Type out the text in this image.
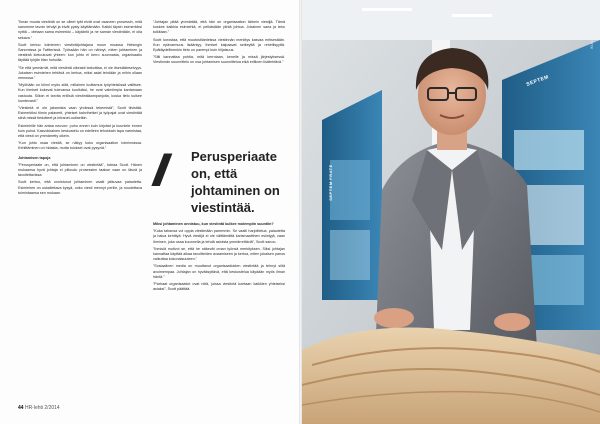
"Ilman muuta viestintä on se olleet tyät eivät ovat osaneen prosessin, mitä sanomme tavoin tehdyt ja eivät pysty käyttämään. Kaikki täysin esimerkiksi nyttiä – otetaan sama esimerkki – käytäntö ja ne saman viestintään, ei olla sekava."

Scott kertoo toimineen viestintäjohtajana muun muassa Helsingin Sanomissa ja Twitterissä. Työssään hän on nähnyt, miten johtaminen ja viestintä kietoutuvat yhteen: kun johto ei kerro suunnasta, organisaatio täyttää tyhjän tilan huhuilla.

"Se että ymmärrät, mitä viestintä oikeasti tarkoittaa, ei ole itsestäänselvyys. Jokaisen esimiehen tehtävä on kertoa, miksi asiat tehdään ja mihin ollaan menossa."

"Myöhään on kiinni myös siitä, millainen luottamus työyhteisössä vallitsee. Kun ihmiset kokevat tulevansa kuulluiksi, he ovat valmiimpia kantamaan vastuuta. Silloin ei tarvita erillisiä viestintäkampanjoita, koska tieto kulkee luontevasti."

"Viestintä ei ole jakamista vaan yhdessä tekemistä", Scott tiivistää. Esimerkiksi tiimin palaverit, yhteiset kahvihetket ja työpajat ovat viestintää siinä missä tiedotteet ja intranet-uutisetkin.

Esimiehille hän antaa neuvon: puhu ennen kuin kirjoitat ja kuuntele ennen kuin puhut. Kasvokkainen keskustelu on edelleen tehokkain tapa varmistaa, että viesti on ymmärretty oikein.

"Kun johto osaa viestiä, se näkyy koko organisaation toiminnassa. Kehittäminen on hidasta, mutta tulokset ovat pysyviä."

Johtamisen tapoja

"Perusperiaate on, että johtaminen on viestintää", toteaa Scott. Hänen mukaansa hyvä johtaja ei piiloudu prosessien taakse vaan on läsnä ja tavoitettavissa.

Scott kertoo, että onnistunut johtaminen vaatii jatkuvaa palautetta. Esimiehen on uskallettava kysyä, onko viesti mennyt perille, ja muutettava toimintaansa sen mukaan.

"Johtajan pitää ymmärtää, että hän on organisaation tärkein viestijä. Tämä koskee kaikkia esimiehiä, ei pelkästään ylintä johtoa. Jokainen sana ja teko tulkitaan."

Scott korostaa, että muutostilanteissa viestinnän merkitys kasvaa entisestään. Kun epävarmuus lisääntyy, ihmiset kaipaavat selkeyttä ja rehellisyyttä. Epätäydellinenkin tieto on parempi kuin hiljaisuus.

"Silti kannattaa pohtia, mitä kerrotaan, kenelle ja missä järjestyksessä. Viestinnän suunnittelu on osa johtamisen suunnittelua eikä erillinen lisätehtävä."

// Perusperiaate on, että johtaminen on viestintää.

Miksi johtaminen onnistuu, kun viestintä kulkee molempiin suuntiin?

"Kuka tahansa voi oppia viestimään paremmin. Se vaatii harjoittelua, palautetta ja halua kehittyä. Hyvä viestijä ei ole välttämättä karismaattinen esiintyjä, vaan ihminen, joka osaa kuunnella ja tehdä asioista ymmärrettäviä", Scott sanoo.

"Ihmisiä motivoi se, että he näkevät oman työnsä merkityksen. Siksi johtajan kannattaa käyttää aikaa tavoitteiden avaamiseen ja kertoa, miten jokaisen panos vaikuttaa kokonaisuuteen."

"Sosiaalinen media on muuttanut organisaatioiden viestintää ja tehnyt siitä avoimempaa. Johtajan on hyväksyttävä, että keskustelua käydään myös ilman häntä."

"Parhaat organisaatiot ovat niitä, joissa viestintä koetaan kaikkien yhteiseksi asiaksi", Scott päättää.

44 HR-lehti 2/2014
SEPTEM
SEPTEM FRATE
KUVA: KAI WIDENIUS
